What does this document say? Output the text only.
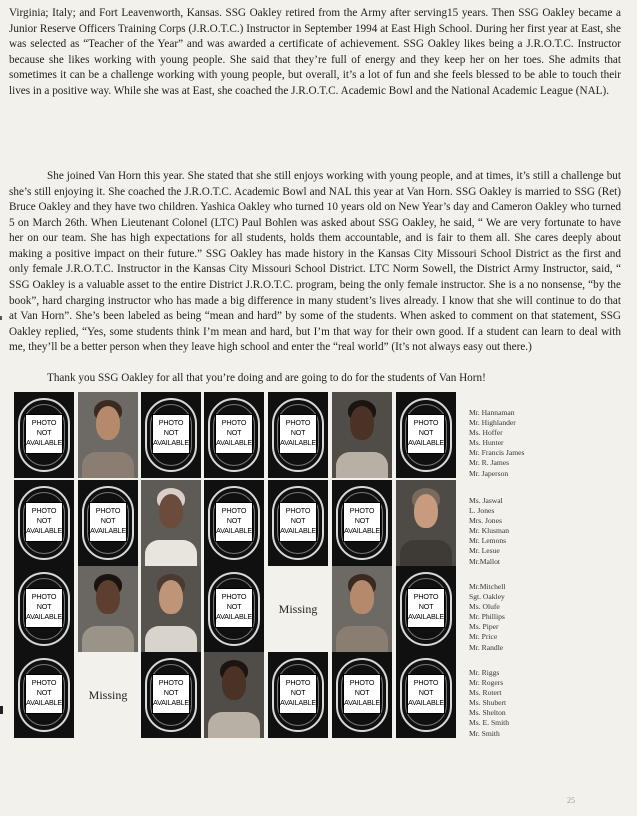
Virginia; Italy; and Fort Leavenworth, Kansas. SSG Oakley retired from the Army after serving15 years. Then SSG Oakley became a Junior Reserve Officers Training Corps (J.R.O.T.C.) Instructor in September 1994 at East High School. During her first year at East, she was selected as “Teacher of the Year” and was awarded a certificate of achievement. SSG Oakley likes being a J.R.O.T.C. Instructor because she likes working with young people. She said that they’re full of energy and they keep her on her toes. She admits that sometimes it can be a challenge working with young people, but overall, it’s a lot of fun and she feels blessed to be able to touch their lives in a positive way. While she was at East, she coached the J.R.O.T.C. Academic Bowl and the National Academic League (NAL).

She joined Van Horn this year. She stated that she still enjoys working with young people, and at times, it’s still a challenge but she’s still enjoying it. She coached the J.R.O.T.C. Academic Bowl and NAL this year at Van Horn. SSG Oakley is married to SSG (Ret) Bruce Oakley and they have two children. Yashica Oakley who turned 10 years old on New Year’s day and Cameron Oakley who turned 5 on March 26th. When Lieutenant Colonel (LTC) Paul Bohlen was asked about SSG Oakley, he said, “ We are very fortunate to have her on our team. She has high expectations for all students, holds them accountable, and is fair to them all. She cares deeply about making a positive impact on their future.” SSG Oakley has made history in the Kansas City Missouri School District as the first and only female J.R.O.T.C. Instructor in the Kansas City Missouri School District. LTC Norm Sowell, the District Army Instructor, said, “ SSG Oakley is a valuable asset to the entire District J.R.O.T.C. program, being the only female instructor. She is a no nonsense, “by the book”, hard charging instructor who has made a big difference in many student’s lives already. I know that she will continue to do that at Van Horn”. She’s been labeled as being “mean and hard” by some of the students. When asked to comment on that statement, SSG Oakley replied, “Yes, some students think I’m mean and hard, but I’m that way for their own good. If a student can learn to deal with me, they’ll be a better person when they leave high school and enter the “real world” (It’s not always easy out there.)

Thank you SSG Oakley for all that you’re doing and are going to do for the students of Van Horn!

PHOTO
NOT
AVAILABLE
PHOTO
NOT
AVAILABLE
PHOTO
NOT
AVAILABLE
PHOTO
NOT
AVAILABLE
PHOTO
NOT
AVAILABLE
PHOTO
NOT
AVAILABLE
PHOTO
NOT
AVAILABLE
PHOTO
NOT
AVAILABLE
PHOTO
NOT
AVAILABLE
PHOTO
NOT
AVAILABLE
PHOTO
NOT
AVAILABLE
PHOTO
NOT
AVAILABLE
Missing
PHOTO
NOT
AVAILABLE
PHOTO
NOT
AVAILABLE
Missing
PHOTO
NOT
AVAILABLE
PHOTO
NOT
AVAILABLE
PHOTO
NOT
AVAILABLE
PHOTO
NOT
AVAILABLE
Mr. Hannaman
Mr. Highlander
Ms. Hoffer
Ms. Hunter
Mr. Francis James
Mr. R. James
Mr. Japerson
Ms. Jaswal
L. Jones
Mrs. Jones
Mr. Klusman
Mr. Lemons
Mr. Lesue
Mr.Mallot
Mr.Mitchell
Sgt. Oakley
Ms. Olufe
Mr. Phillips
Ms. Piper
Mr. Price
Mr. Randle
Mr. Riggs
Mr. Rogers
Ms. Rotert
Ms. Shubert
Ms. Shelton
Ms. E. Smith
Mr. Smith
25
